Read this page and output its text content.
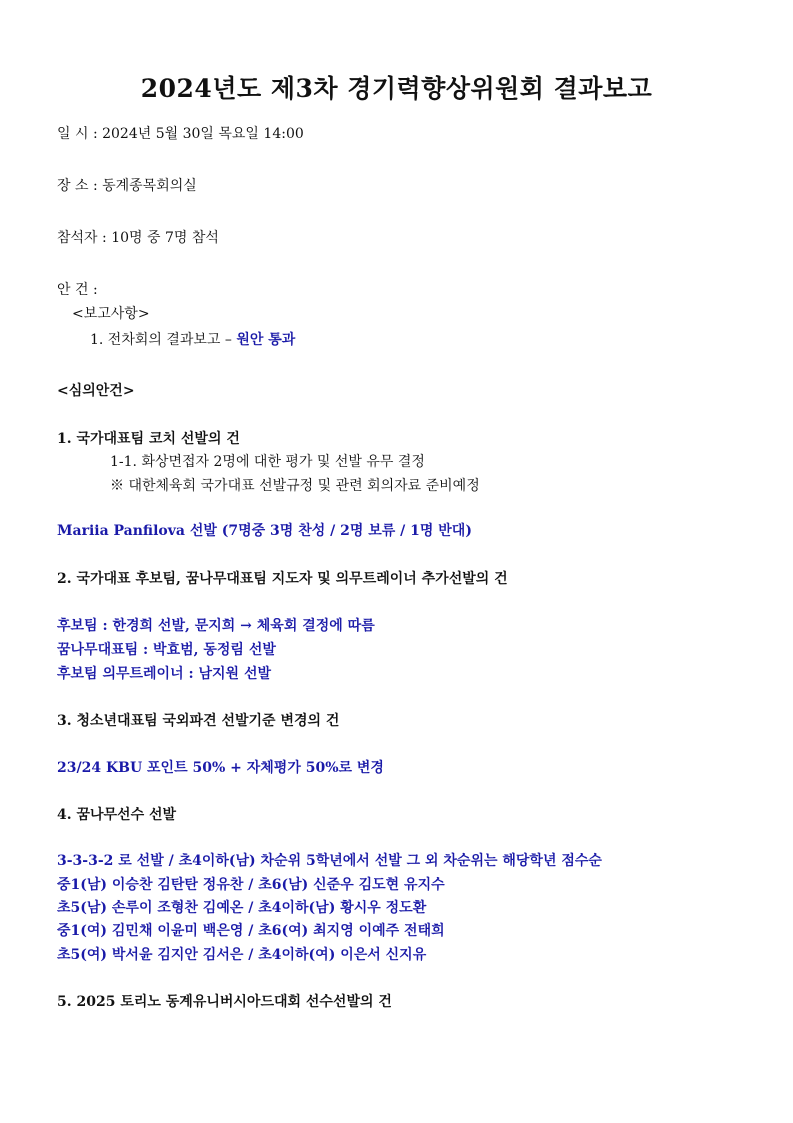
2024년도 제3차 경기력향상위원회 결과보고
일 시 : 2024년 5월 30일 목요일 14:00
장 소 : 동계종목회의실
참석자 : 10명 중 7명 참석
안 건 :
<보고사항>
1. 전차회의 결과보고 – 원안 통과
<심의안건>
1. 국가대표팀 코치 선발의 건
1-1. 화상면접자 2명에 대한 평가 및 선발 유무 결정
※ 대한체육회 국가대표 선발규정 및 관련 회의자료 준비예정
Mariia Panfilova 선발 (7명중 3명 찬성 / 2명 보류 / 1명 반대)
2. 국가대표 후보팀, 꿈나무대표팀 지도자 및 의무트레이너 추가선발의 건
후보팀 : 한경희 선발, 문지희 → 체육회 결정에 따름
꿈나무대표팀 : 박효범, 동정림 선발
후보팀 의무트레이너 : 남지원 선발
3. 청소년대표팀 국외파견 선발기준 변경의 건
23/24 KBU 포인트 50% + 자체평가 50%로 변경
4. 꿈나무선수 선발
3-3-3-2 로 선발 / 초4이하(남) 차순위 5학년에서 선발 그 외 차순위는 해당학년 점수순
중1(남) 이승찬 김탄탄 정유찬 / 초6(남) 신준우 김도현 유지수
초5(남) 손루이 조형찬 김예온 / 초4이하(남) 황시우 정도환
중1(여) 김민채 이윤미 백은영 / 초6(여) 최지영 이예주 전태희
초5(여) 박서윤 김지안 김서은 / 초4이하(여) 이은서 신지유
5. 2025 토리노 동계유니버시아드대회 선수선발의 건
